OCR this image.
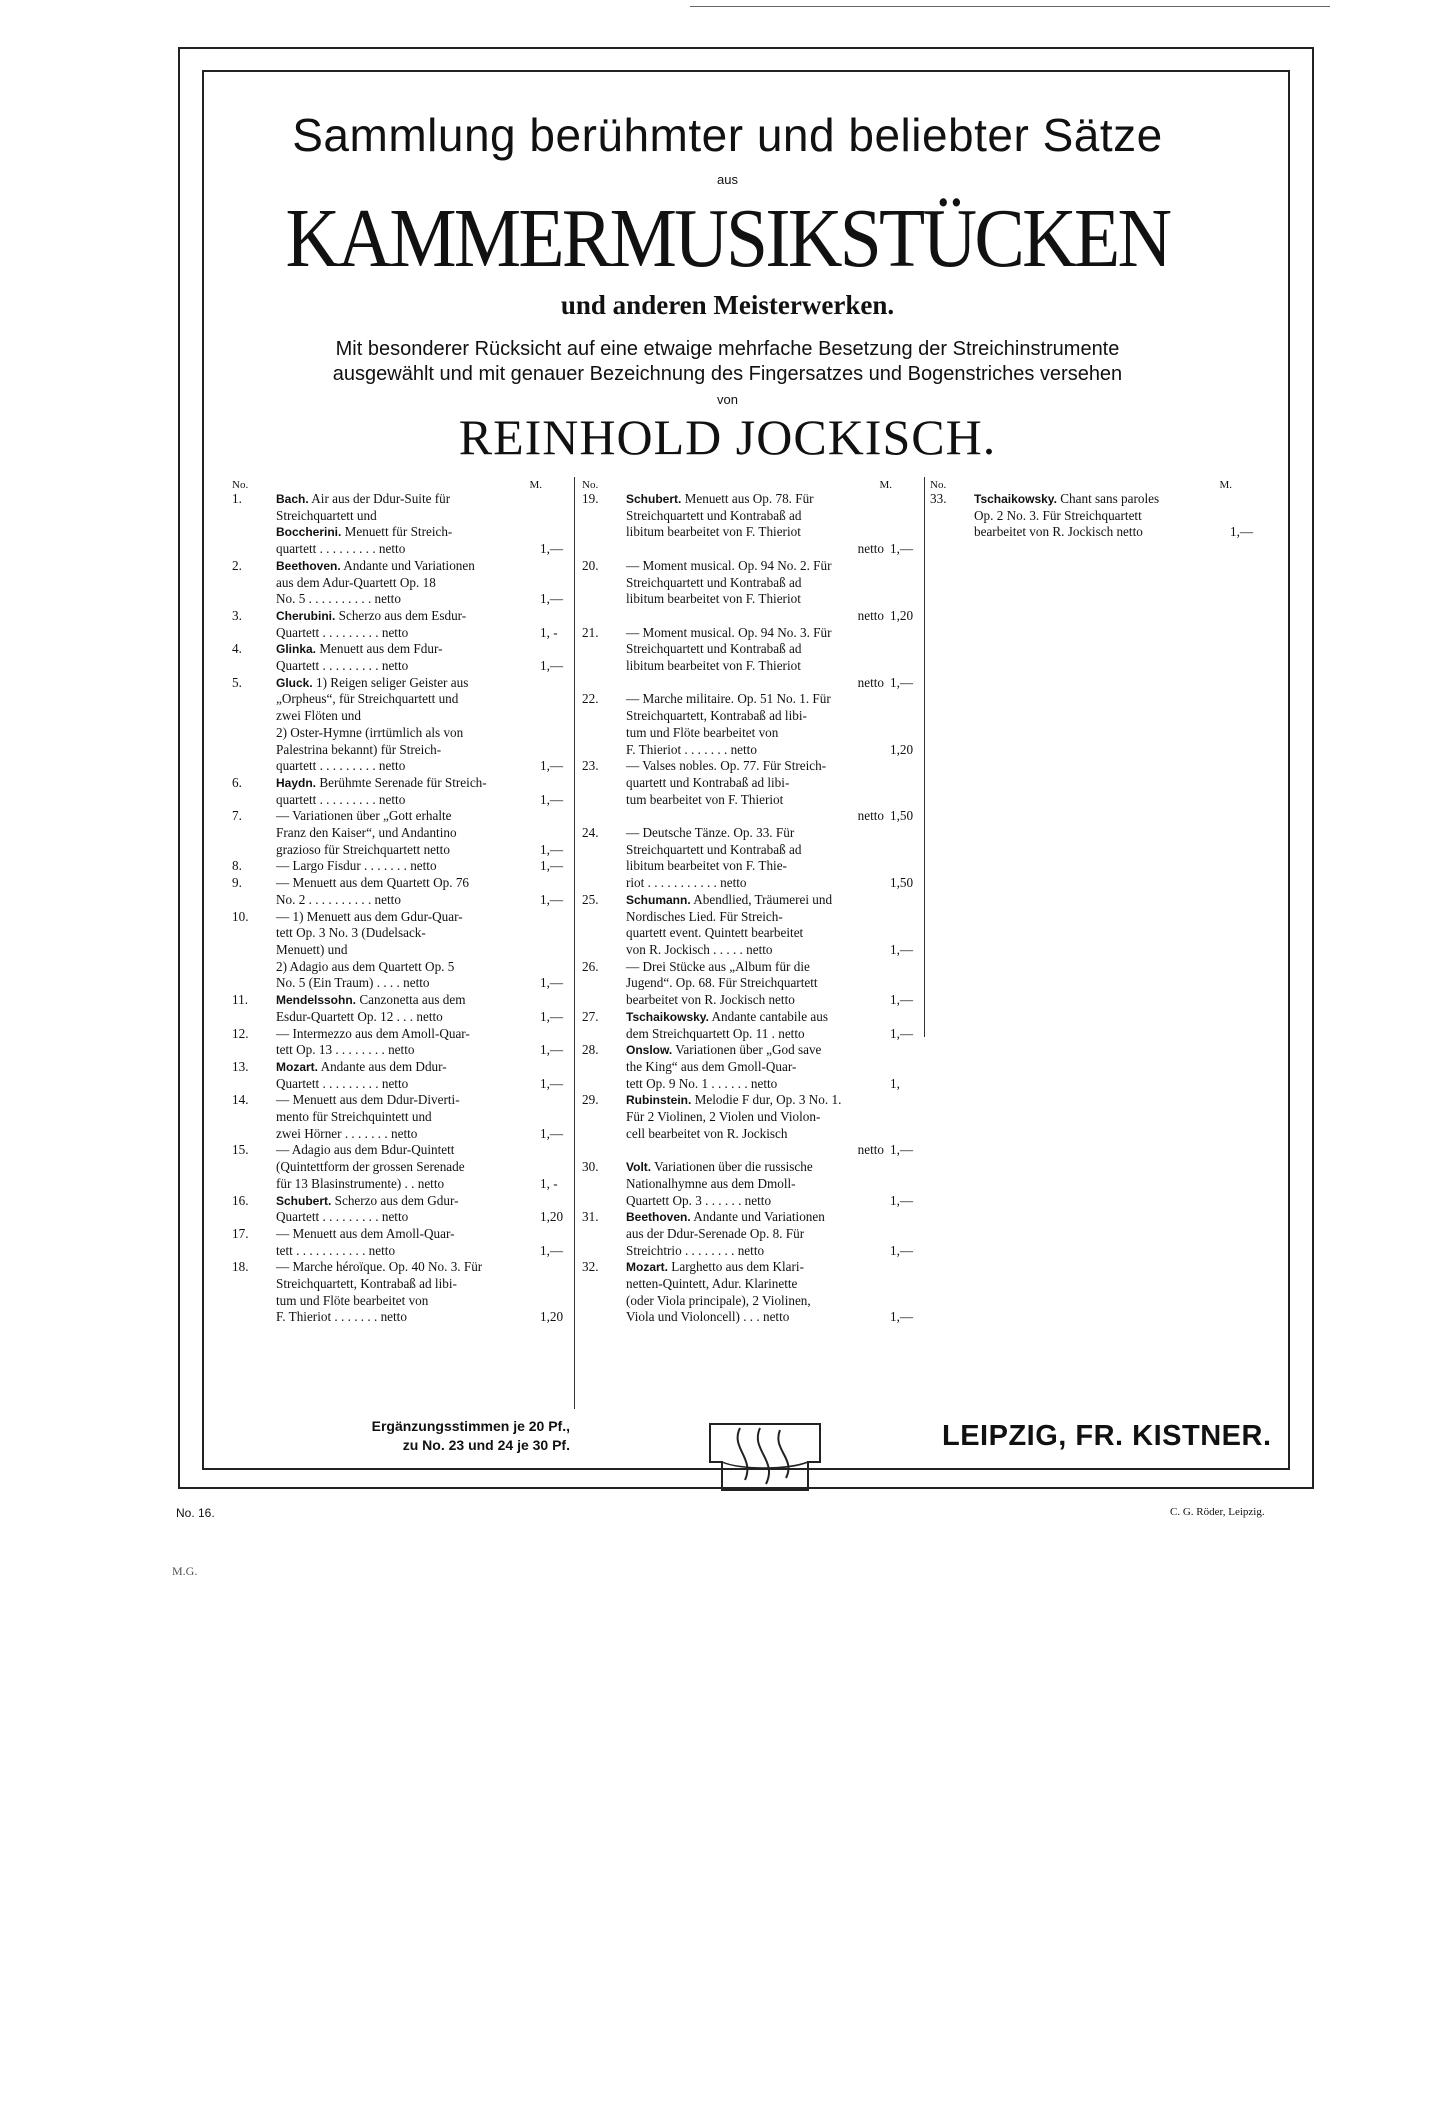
Sammlung berühmter und beliebter Sätze
aus
KAMMERMUSIKSTÜCKEN
und anderen Meisterwerken.
Mit besonderer Rücksicht auf eine etwaige mehrfache Besetzung der Streichinstrumente
ausgewählt und mit genauer Bezeichnung des Fingersatzes und Bogenstriches versehen
von
REINHOLD JOCKISCH.
No.	M.
1.	Bach. Air aus der Ddur-Suite für
Streichquartett und
Boccherini. Menuett für Streich-
quartett . . . . . . . . . netto	1,—
2.	Beethoven. Andante und Variationen
aus dem Adur-Quartett Op. 18
No. 5 . . . . . . . . . . netto	1,—
3.	Cherubini. Scherzo aus dem Esdur-
Quartett . . . . . . . . . netto	1, -
4.	Glinka. Menuett aus dem Fdur-
Quartett . . . . . . . . . netto	1,—
5.	Gluck. 1) Reigen seliger Geister aus
„Orpheus“, für Streichquartett und
zwei Flöten und
2) Oster-Hymne (irrtümlich als von
Palestrina bekannt) für Streich-
quartett . . . . . . . . . netto	1,—
6.	Haydn. Berühmte Serenade für Streich-
quartett . . . . . . . . . netto	1,—
7.	— Variationen über „Gott erhalte
Franz den Kaiser“, und Andantino
grazioso für Streichquartett netto	1,—
8.	— Largo Fisdur . . . . . . . netto	1,—
9.	— Menuett aus dem Quartett Op. 76
No. 2 . . . . . . . . . . netto	1,—
10.	— 1) Menuett aus dem Gdur-Quar-
tett Op. 3 No. 3 (Dudelsack-
Menuett) und
2) Adagio aus dem Quartett Op. 5
No. 5 (Ein Traum) . . . . netto	1,—
11.	Mendelssohn. Canzonetta aus dem
Esdur-Quartett Op. 12 . . . netto	1,—
12.	— Intermezzo aus dem Amoll-Quar-
tett Op. 13 . . . . . . . . netto	1,—
13.	Mozart. Andante aus dem Ddur-
Quartett . . . . . . . . . netto	1,—
14.	— Menuett aus dem Ddur-Diverti-
mento für Streichquintett und
zwei Hörner . . . . . . . netto	1,—
15.	— Adagio aus dem Bdur-Quintett
(Quintettform der grossen Serenade
für 13 Blasinstrumente) . . netto	1, -
16.	Schubert. Scherzo aus dem Gdur-
Quartett . . . . . . . . . netto	1,20
17.	— Menuett aus dem Amoll-Quar-
tett . . . . . . . . . . . netto	1,—
18.	— Marche héroïque. Op. 40 No. 3. Für
Streichquartett, Kontrabaß ad libi-
tum und Flöte bearbeitet von
F. Thieriot . . . . . . . netto	1,20
No.	M.
19.	Schubert. Menuett aus Op. 78. Für
Streichquartett und Kontrabaß ad
libitum bearbeitet von F. Thieriot
netto 1,—
20.	— Moment musical. Op. 94 No. 2. Für
Streichquartett und Kontrabaß ad
libitum bearbeitet von F. Thieriot
netto 1,20
21.	— Moment musical. Op. 94 No. 3. Für
Streichquartett und Kontrabaß ad
libitum bearbeitet von F. Thieriot
netto 1,—
22.	— Marche militaire. Op. 51 No. 1. Für
Streichquartett, Kontrabaß ad libi-
tum und Flöte bearbeitet von
F. Thieriot . . . . . . . netto	1,20
23.	— Valses nobles. Op. 77. Für Streich-
quartett und Kontrabaß ad libi-
tum bearbeitet von F. Thieriot
netto 1,50
24.	— Deutsche Tänze. Op. 33. Für
Streichquartett und Kontrabaß ad
libitum bearbeitet von F. Thie-
riot . . . . . . . . . . . netto	1,50
25.	Schumann. Abendlied, Träumerei und
Nordisches Lied. Für Streich-
quartett event. Quintett bearbeitet
von R. Jockisch . . . . . netto	1,—
26.	— Drei Stücke aus „Album für die
Jugend“. Op. 68. Für Streichquartett
bearbeitet von R. Jockisch netto	1,—
27.	Tschaikowsky. Andante cantabile aus
dem Streichquartett Op. 11 . netto	1,—
28.	Onslow. Variationen über „God save
the King“ aus dem Gmoll-Quar-
tett Op. 9 No. 1 . . . . . . netto	1,
29.	Rubinstein. Melodie F dur, Op. 3 No. 1.
Für 2 Violinen, 2 Violen und Violon-
cell bearbeitet von R. Jockisch
netto 1,—
30.	Volt. Variationen über die russische
Nationalhymne aus dem Dmoll-
Quartett Op. 3 . . . . . . netto	1,—
31.	Beethoven. Andante und Variationen
aus der Ddur-Serenade Op. 8. Für
Streichtrio . . . . . . . . netto	1,—
32.	Mozart. Larghetto aus dem Klari-
netten-Quintett, Adur. Klarinette
(oder Viola principale), 2 Violinen,
Viola und Violoncell) . . . netto	1,—
No.	M.
33.	Tschaikowsky. Chant sans paroles
Op. 2 No. 3. Für Streichquartett
bearbeitet von R. Jockisch netto	1,—
Ergänzungsstimmen je 20 Pf.,
zu No. 23 und 24 je 30 Pf.	LEIPZIG, FR. KISTNER.
No. 16.	C. G. Röder, Leipzig.
M.G.
